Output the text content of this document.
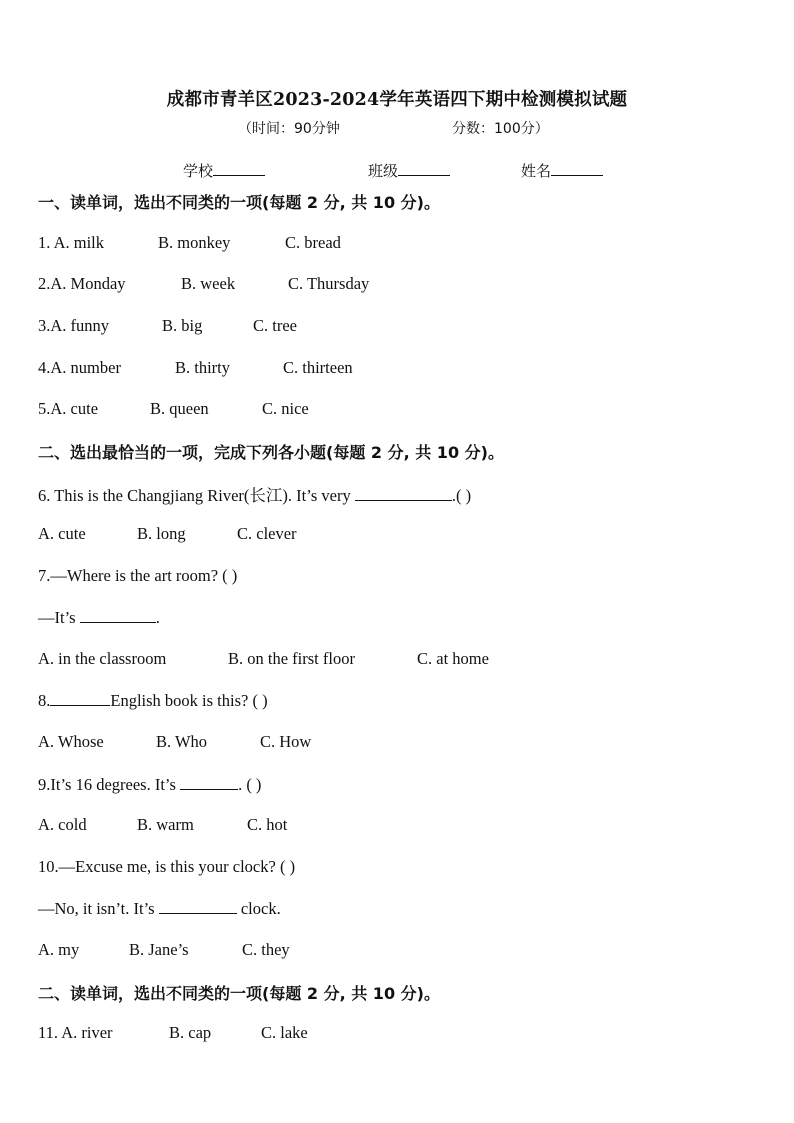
成都市青羊区2023-2024学年英语四下期中检测模拟试题
（时间：90分钟	分数：100分）
学校	班级	姓名
一、读单词，选出不同类的一项(每题 2 分, 共 10 分)。
1. A. milk	B. monkey	C. bread
2.A. Monday	B. week	C. Thursday
3.A. funny	B. big	C. tree
4.A. number	B. thirty	C. thirteen
5.A. cute	B. queen	C. nice
二、选出最恰当的一项，完成下列各小题(每题 2 分, 共 10 分)。
6. This is the Changjiang River(长江). It’s very	.( )
A. cute	B. long	C. clever
7.—Where is the art room? ( )
—It’s	.
A. in the classroom	B. on the first floor	C. at home
8.	English book is this? ( )
A. Whose	B. Who	C. How
9.It’s 16 degrees. It’s	. ( )
A. cold	B. warm	C. hot
10.—Excuse me, is this your clock? ( )
—No, it isn’t. It’s	clock.
A. my	B. Jane’s	C. they
二、读单词，选出不同类的一项(每题 2 分, 共 10 分)。
11. A. river	B. cap	C. lake
